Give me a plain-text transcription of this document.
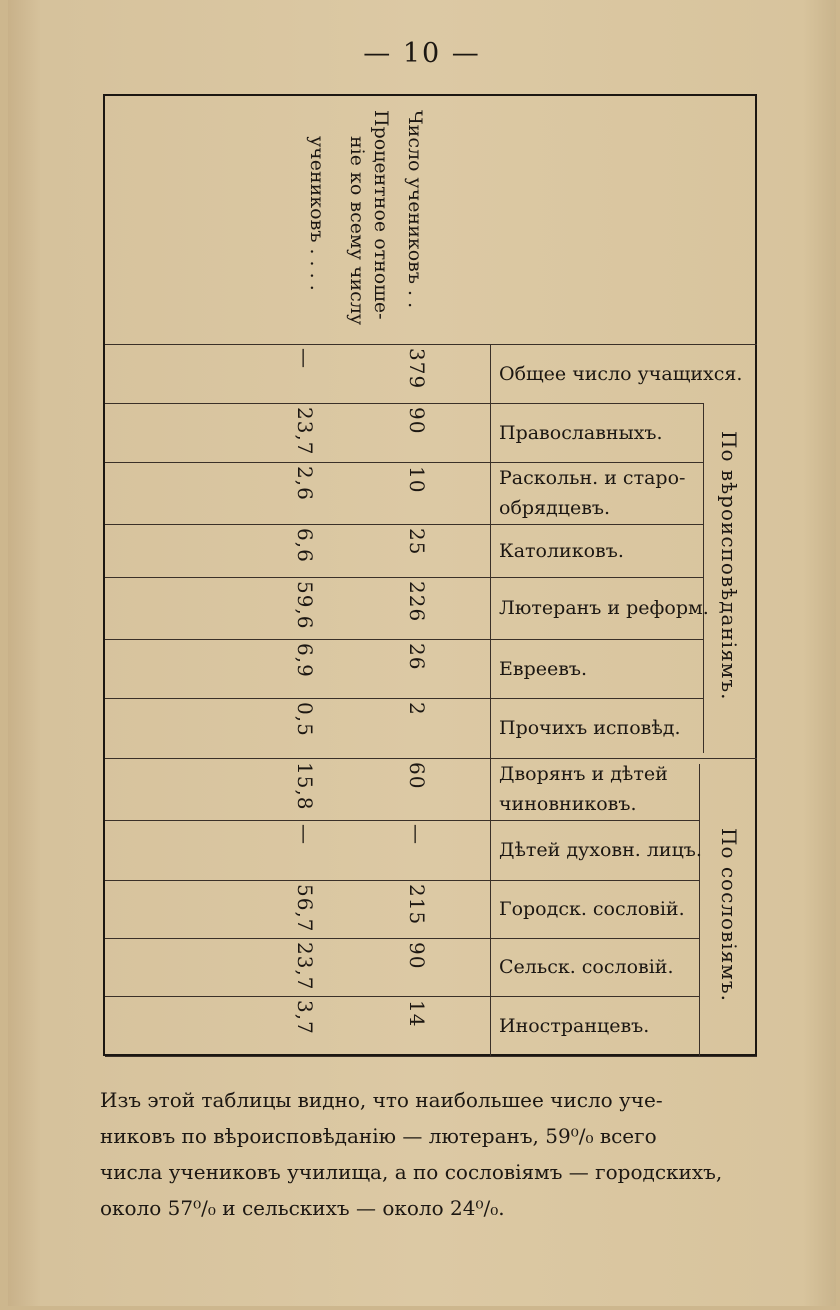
— 10 —
Число учениковъ . .
Процентное отноше-
ніе ко всему числу
учениковъ . . . .
По вѣроисповѣданіямъ.
По сословіямъ.
Общее число учащихся.
379
—
Православныхъ.
90
23,7
Раскольн. и старо-
обрядцевъ.
10
2,6
Католиковъ.
25
6,6
Лютеранъ и реформ.
226
59,6
Евреевъ.
26
6,9
Прочихъ исповѣд.
2
0,5
Дворянъ и дѣтей
чиновниковъ.
60
15,8
Дѣтей духовн. лицъ.
—
—
Городск. сословій.
215
56,7
Сельск. сословій.
90
23,7
Иностранцевъ.
14
3,7

Изъ этой таблицы видно, что наибольшее число уче-

никовъ по вѣроисповѣданію — лютеранъ, 59⁰/₀ всего

числа учениковъ училища, а по сословіямъ — городскихъ,

около 57⁰/₀ и сельскихъ — около 24⁰/₀.
